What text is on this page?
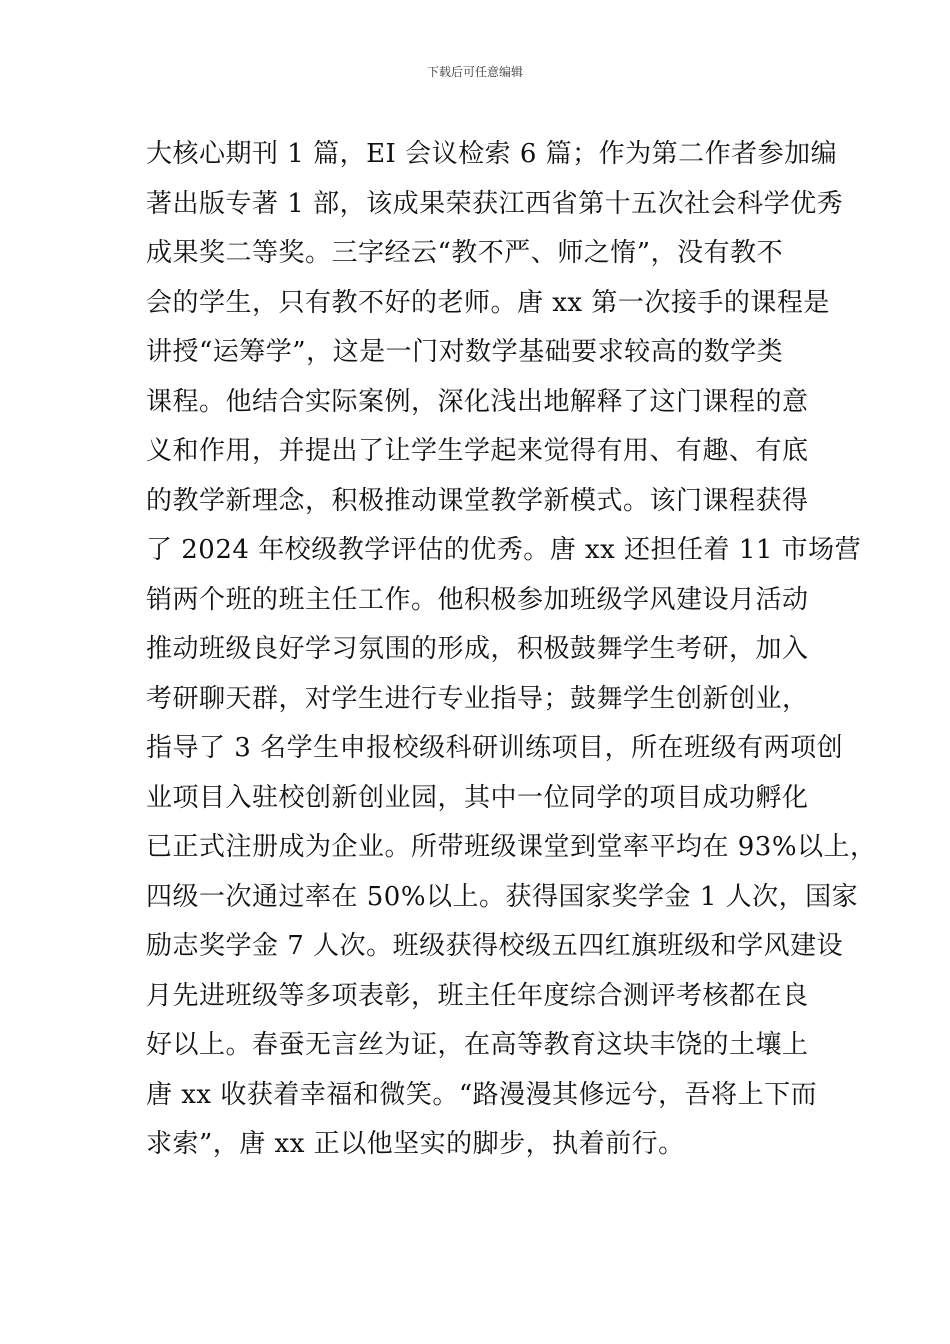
下载后可任意编辑
大核心期刊 1 篇，EI 会议检索 6 篇；作为第二作者参加编
著出版专著 1 部，该成果荣获江西省第十五次社会科学优秀
成果奖二等奖。三字经云“教不严、师之惰”，没有教不
会的学生，只有教不好的老师。唐 xx 第一次接手的课程是
讲授“运筹学”，这是一门对数学基础要求较高的数学类
课程。他结合实际案例，深化浅出地解释了这门课程的意
义和作用，并提出了让学生学起来觉得有用、有趣、有底
的教学新理念，积极推动课堂教学新模式。该门课程获得
了 2024 年校级教学评估的优秀。唐 xx 还担任着 11 市场营
销两个班的班主任工作。他积极参加班级学风建设月活动
推动班级良好学习氛围的形成，积极鼓舞学生考研，加入
考研聊天群，对学生进行专业指导；鼓舞学生创新创业，
指导了 3 名学生申报校级科研训练项目，所在班级有两项创
业项目入驻校创新创业园，其中一位同学的项目成功孵化
已正式注册成为企业。所带班级课堂到堂率平均在 93%以上，
四级一次通过率在 50%以上。获得国家奖学金 1 人次，国家
励志奖学金 7 人次。班级获得校级五四红旗班级和学风建设
月先进班级等多项表彰，班主任年度综合测评考核都在良
好以上。春蚕无言丝为证，在高等教育这块丰饶的土壤上
唐 xx 收获着幸福和微笑。“路漫漫其修远兮，吾将上下而
求索”，唐 xx 正以他坚实的脚步，执着前行。
